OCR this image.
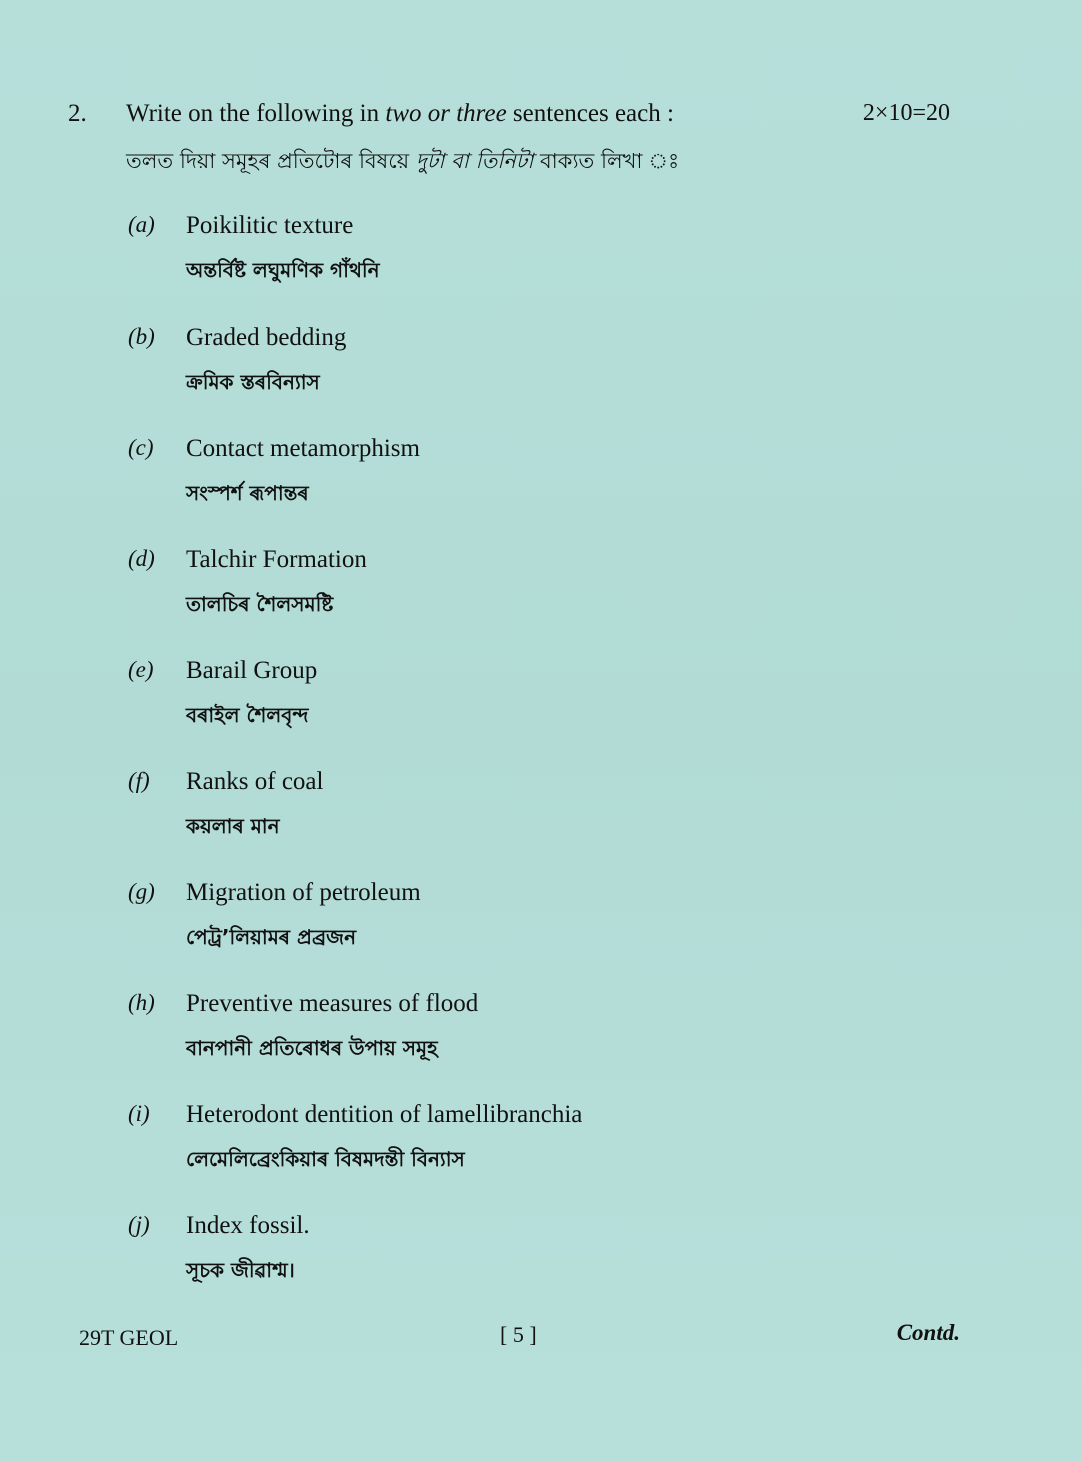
2. Write on the following in two or three sentences each :	2×10=20
তলত দিয়া সমূহৰ প্ৰতিটোৰ বিষয়ে দুটা বা তিনিটা বাক্যত লিখা ঃ
(a) Poikilitic texture
অন্তৰ্বিষ্ট লঘুমণিক গাঁথনি
(b) Graded bedding
ক্ৰমিক স্তৰবিন্যাস
(c) Contact metamorphism
সংস্পৰ্শ ৰূপান্তৰ
(d) Talchir Formation
তালচিৰ শৈলসমষ্টি
(e) Barail Group
বৰাইল শৈলবৃন্দ
(f) Ranks of coal
কয়লাৰ মান
(g) Migration of petroleum
পেট্ৰ’লিয়ামৰ প্ৰব্ৰজন
(h) Preventive measures of flood
বানপানী প্ৰতিৰোধৰ উপায় সমূহ
(i) Heterodont dentition of lamellibranchia
লেমেলিব্ৰেংকিয়াৰ বিষমদন্তী বিন্যাস
(j) Index fossil.
সূচক জীৱাশ্ম।
29T GEOL	[ 5 ]	Contd.
